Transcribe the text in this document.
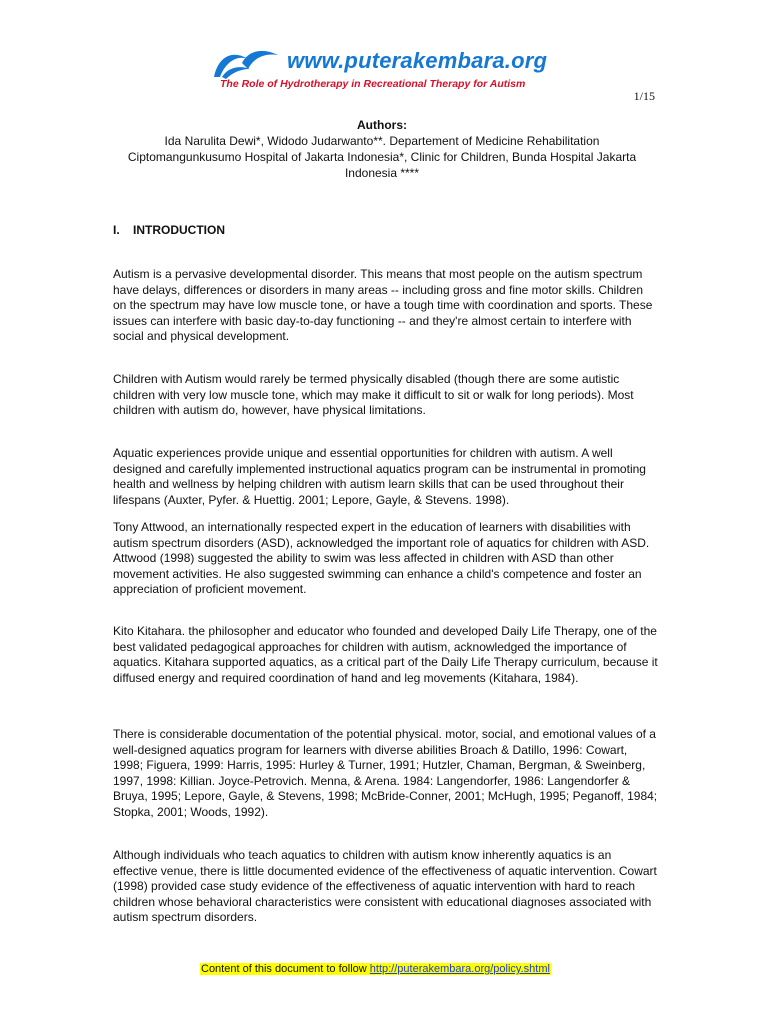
www.puterakembara.org
The Role of Hydrotherapy in Recreational Therapy for Autism
1/15
Authors:
Ida Narulita Dewi*, Widodo Judarwanto**. Departement of Medicine Rehabilitation Ciptomangunkusumo Hospital of Jakarta Indonesia*, Clinic for Children, Bunda Hospital Jakarta Indonesia ****
I. INTRODUCTION

Autism is a pervasive developmental disorder. This means that most people on the autism spectrum have delays, differences or disorders in many areas -- including gross and fine motor skills. Children on the spectrum may have low muscle tone, or have a tough time with coordination and sports. These issues can interfere with basic day-to-day functioning -- and they're almost certain to interfere with social and physical development.

Children with Autism would rarely be termed physically disabled (though there are some autistic children with very low muscle tone, which may make it difficult to sit or walk for long periods). Most children with autism do, however, have physical limitations.

Aquatic experiences provide unique and essential opportunities for children with autism. A well designed and carefully implemented instructional aquatics program can be instrumental in promoting health and wellness by helping children with autism learn skills that can be used throughout their lifespans (Auxter, Pyfer. & Huettig. 2001; Lepore, Gayle, & Stevens. 1998).

Tony Attwood, an internationally respected expert in the education of learners with disabilities with autism spectrum disorders (ASD), acknowledged the important role of aquatics for children with ASD. Attwood (1998) suggested the ability to swim was less affected in children with ASD than other movement activities. He also suggested swimming can enhance a child's competence and foster an appreciation of proficient movement.

Kito Kitahara. the philosopher and educator who founded and developed Daily Life Therapy, one of the best validated pedagogical approaches for children with autism, acknowledged the importance of aquatics. Kitahara supported aquatics, as a critical part of the Daily Life Therapy curriculum, because it diffused energy and required coordination of hand and leg movements (Kitahara, 1984).

There is considerable documentation of the potential physical. motor, social, and emotional values of a well-designed aquatics program for learners with diverse abilities Broach & Datillo, 1996: Cowart, 1998; Figuera, 1999: Harris, 1995: Hurley & Turner, 1991; Hutzler, Chaman, Bergman, & Sweinberg, 1997, 1998: Killian. Joyce-Petrovich. Menna, & Arena. 1984: Langendorfer, 1986: Langendorfer & Bruya, 1995; Lepore, Gayle, & Stevens, 1998; McBride-Conner, 2001; McHugh, 1995; Peganoff, 1984; Stopka, 2001; Woods, 1992).

Although individuals who teach aquatics to children with autism know inherently aquatics is an effective venue, there is little documented evidence of the effectiveness of aquatic intervention. Cowart (1998) provided case study evidence of the effectiveness of aquatic intervention with hard to reach children whose behavioral characteristics were consistent with educational diagnoses associated with autism spectrum disorders.

Content of this document to follow http://puterakembara.org/policy.shtml
